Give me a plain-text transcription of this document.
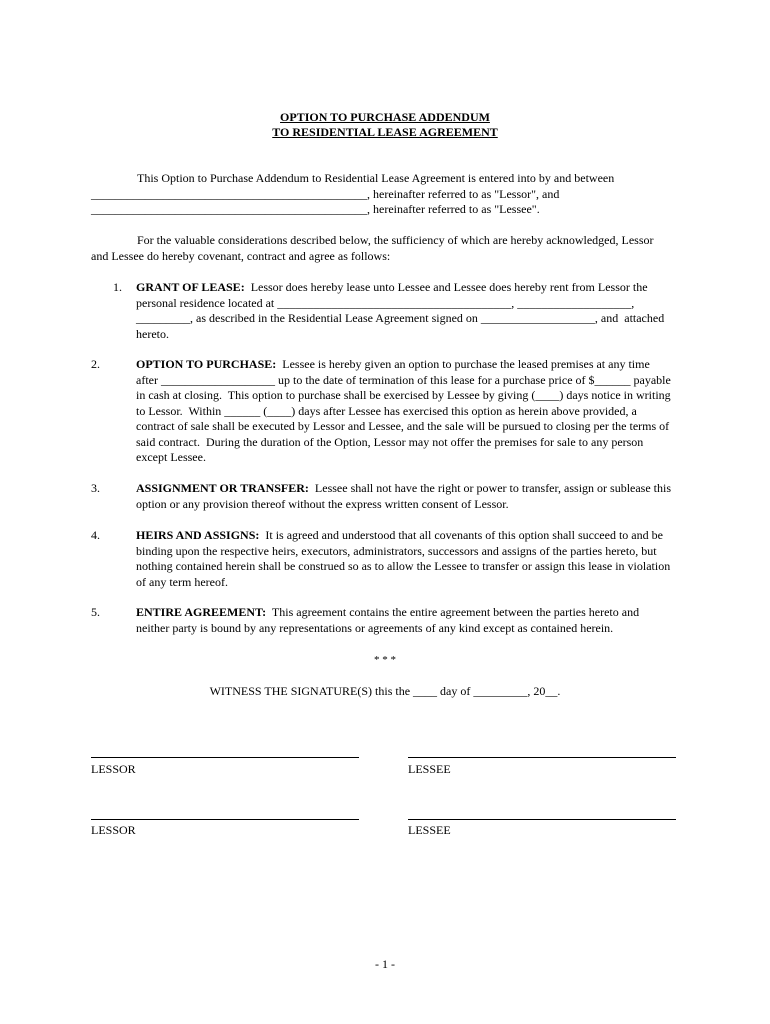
OPTION TO PURCHASE ADDENDUM
TO RESIDENTIAL LEASE AGREEMENT
This Option to Purchase Addendum to Residential Lease Agreement is entered into by and between
______________________________________________, hereinafter referred to as "Lessor", and
______________________________________________, hereinafter referred to as "Lessee".
For the valuable considerations described below, the sufficiency of which are hereby acknowledged, Lessor
and Lessee do hereby covenant, contract and agree as follows:
1.	GRANT OF LEASE:  Lessor does hereby lease unto Lessee and Lessee does hereby rent from Lessor the
personal residence located at _______________________________________, ___________________,
_________, as described in the Residential Lease Agreement signed on ___________________, and  attached
hereto.
2.	OPTION TO PURCHASE:  Lessee is hereby given an option to purchase the leased premises at any time
after ___________________ up to the date of termination of this lease for a purchase price of $______ payable
in cash at closing.  This option to purchase shall be exercised by Lessee by giving (____) days notice in writing
to Lessor.  Within ______ (____) days after Lessee has exercised this option as herein above provided, a
contract of sale shall be executed by Lessor and Lessee, and the sale will be pursued to closing per the terms of
said contract.  During the duration of the Option, Lessor may not offer the premises for sale to any person
except Lessee.
3.	ASSIGNMENT OR TRANSFER:  Lessee shall not have the right or power to transfer, assign or sublease this
option or any provision thereof without the express written consent of Lessor.
4.	HEIRS AND ASSIGNS:  It is agreed and understood that all covenants of this option shall succeed to and be
binding upon the respective heirs, executors, administrators, successors and assigns of the parties hereto, but
nothing contained herein shall be construed so as to allow the Lessee to transfer or assign this lease in violation
of any term hereof.
5.	ENTIRE AGREEMENT:  This agreement contains the entire agreement between the parties hereto and
neither party is bound by any representations or agreements of any kind except as contained herein.
* * *
WITNESS THE SIGNATURE(S) this the ____ day of _________, 20__.
LESSOR	LESSEE
LESSOR	LESSEE
- 1 -
